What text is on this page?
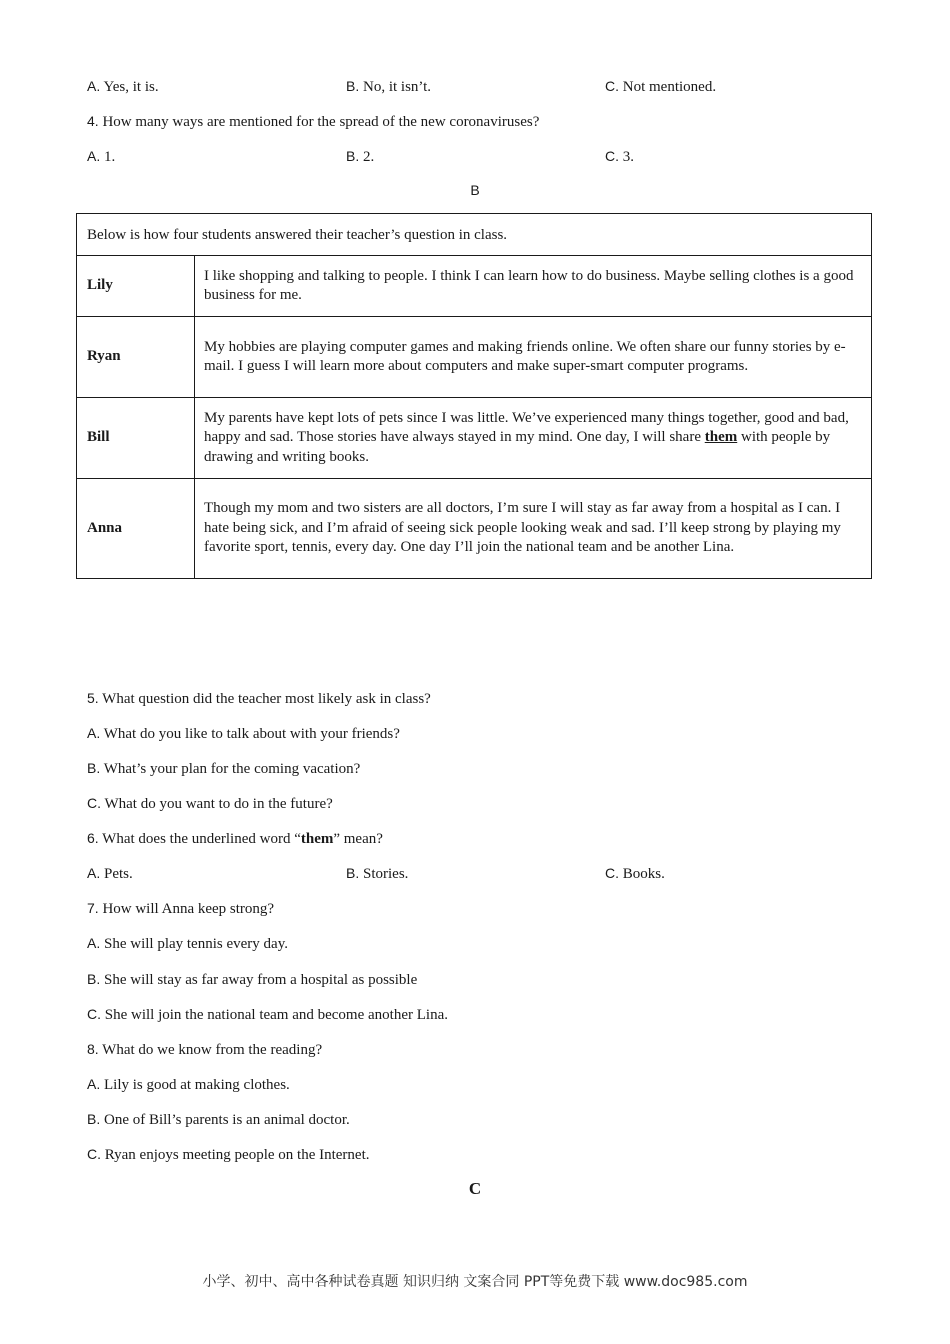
A. Yes, it is.	B. No, it isn’t.	C. Not mentioned.
4. How many ways are mentioned for the spread of the new coronaviruses?
A. 1.	B. 2.	C. 3.
B
Below is how four students answered their teacher’s question in class.	
Lily	I like shopping and talking to people. I think I can learn how to do business. Maybe selling clothes is a good business for me.
Ryan	My hobbies are playing computer games and making friends online. We often share our funny stories by e-mail. I guess I will learn more about computers and make super-smart computer programs.
Bill	My parents have kept lots of pets since I was little. We’ve experienced many things together, good and bad, happy and sad. Those stories have always stayed in my mind. One day, I will share them with people by drawing and writing books.
Anna	Though my mom and two sisters are all doctors, I’m sure I will stay as far away from a hospital as I can. I hate being sick, and I’m afraid of seeing sick people looking weak and sad. I’ll keep strong by playing my favorite sport, tennis, every day. One day I’ll join the national team and be another Lina.
5. What question did the teacher most likely ask in class?
A. What do you like to talk about with your friends?
B. What’s your plan for the coming vacation?
C. What do you want to do in the future?
6. What does the underlined word “them” mean?
A. Pets.	B. Stories.	C. Books.
7. How will Anna keep strong?
A. She will play tennis every day.
B. She will stay as far away from a hospital as possible
C. She will join the national team and become another Lina.
8. What do we know from the reading?
A. Lily is good at making clothes.
B. One of Bill’s parents is an animal doctor.
C. Ryan enjoys meeting people on the Internet.
C
小学、初中、高中各种试卷真题 知识归纳 文案合同 PPT等免费下载 www.doc985.com
